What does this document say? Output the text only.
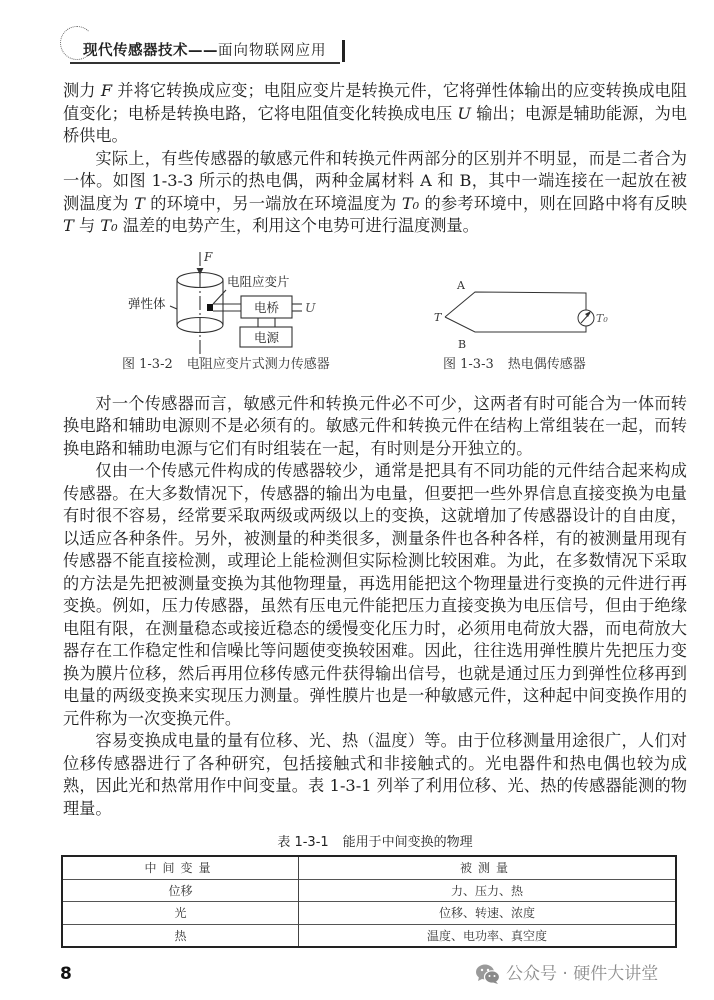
现代传感器技术——面向物联网应用

测力 F 并将它转换成应变；电阻应变片是转换元件，它将弹性体输出的应变转换成电阻值变化；电桥是转换电路，它将电阻值变化转换成电压 U 输出；电源是辅助能源，为电桥供电。

实际上，有些传感器的敏感元件和转换元件两部分的区别并不明显，而是二者合为一体。如图 1-3-3 所示的热电偶，两种金属材料 A 和 B，其中一端连接在一起放在被测温度为 T 的环境中，另一端放在环境温度为 T₀ 的参考环境中，则在回路中将有反映 T 与 T₀ 温差的电势产生，利用这个电势可进行温度测量。

F
电阻应变片
弹性体	电桥
电源
U
A
B
T	T₀
图 1-3-2 电阻应变片式测力传感器	图 1-3-3 热电偶传感器

对一个传感器而言，敏感元件和转换元件必不可少，这两者有时可能合为一体而转换电路和辅助电源则不是必须有的。敏感元件和转换元件在结构上常组装在一起，而转换电路和辅助电源与它们有时组装在一起，有时则是分开独立的。

仅由一个传感元件构成的传感器较少，通常是把具有不同功能的元件结合起来构成传感器。在大多数情况下，传感器的输出为电量，但要把一些外界信息直接变换为电量有时很不容易，经常要采取两级或两级以上的变换，这就增加了传感器设计的自由度，以适应各种条件。另外，被测量的种类很多，测量条件也各种各样，有的被测量用现有传感器不能直接检测，或理论上能检测但实际检测比较困难。为此，在多数情况下采取的方法是先把被测量变换为其他物理量，再选用能把这个物理量进行变换的元件进行再变换。例如，压力传感器，虽然有压电元件能把压力直接变换为电压信号，但由于绝缘电阻有限，在测量稳态或接近稳态的缓慢变化压力时，必须用电荷放大器，而电荷放大器存在工作稳定性和信噪比等问题使变换较困难。因此，往往选用弹性膜片先把压力变换为膜片位移，然后再用位移传感元件获得输出信号，也就是通过压力到弹性位移再到电量的两级变换来实现压力测量。弹性膜片也是一种敏感元件，这种起中间变换作用的元件称为一次变换元件。

容易变换成电量的量有位移、光、热（温度）等。由于位移测量用途很广，人们对位移传感器进行了各种研究，包括接触式和非接触式的。光电器件和热电偶也较为成熟，因此光和热常用作中间变量。表 1-3-1 列举了利用位移、光、热的传感器能测的物理量。

表 1-3-1 能用于中间变换的物理
中间变量	被测量
位移	力、压力、热
光	位移、转速、浓度
热	温度、电功率、真空度
8	公众号 · 硬件大讲堂
